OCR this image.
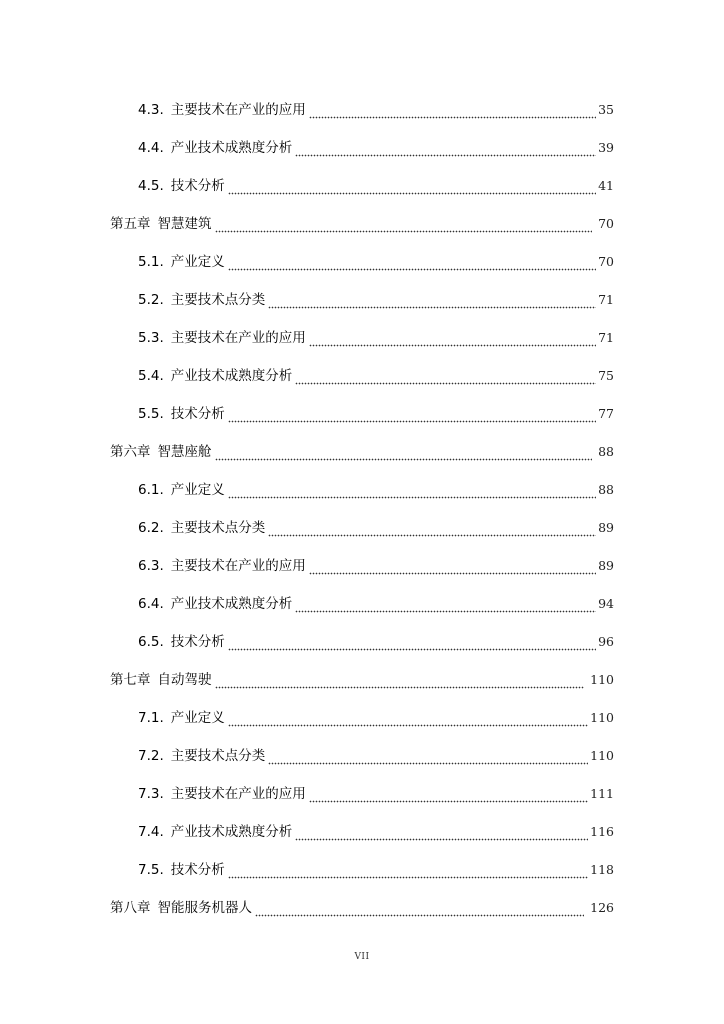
4.3. 主要技术在产业的应用	35
4.4. 产业技术成熟度分析	39
4.5. 技术分析	41
第五章 智慧建筑	70
5.1. 产业定义	70
5.2. 主要技术点分类	71
5.3. 主要技术在产业的应用	71
5.4. 产业技术成熟度分析	75
5.5. 技术分析	77
第六章 智慧座舱	88
6.1. 产业定义	88
6.2. 主要技术点分类	89
6.3. 主要技术在产业的应用	89
6.4. 产业技术成熟度分析	94
6.5. 技术分析	96
第七章 自动驾驶	110
7.1. 产业定义	110
7.2. 主要技术点分类	110
7.3. 主要技术在产业的应用	111
7.4. 产业技术成熟度分析	116
7.5. 技术分析	118
第八章 智能服务机器人	126
VII
